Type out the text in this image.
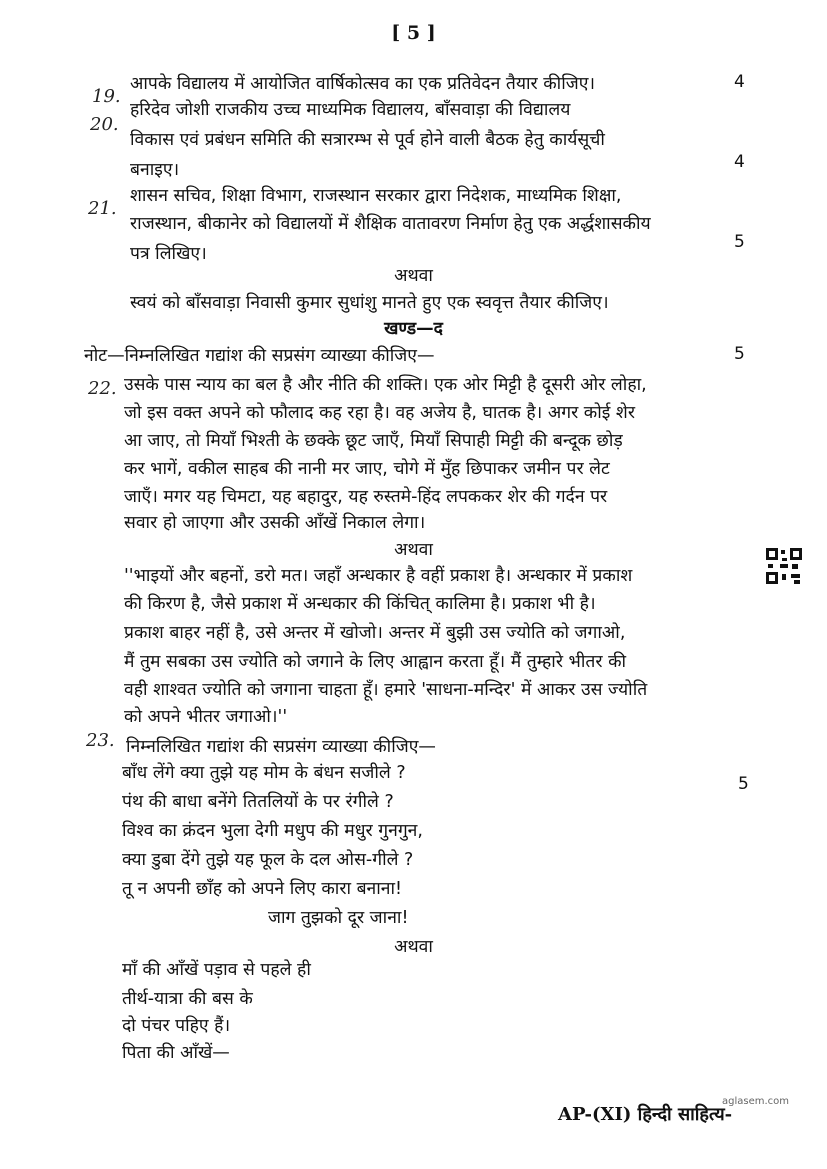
[ 5 ]
19.
आपके विद्यालय में आयोजित वार्षिकोत्सव का एक प्रतिवेदन तैयार कीजिए।	4
20.
हरिदेव जोशी राजकीय उच्च माध्यमिक विद्यालय, बाँसवाड़ा की विद्यालय
विकास एवं प्रबंधन समिति की सत्रारम्भ से पूर्व होने वाली बैठक हेतु कार्यसूची
बनाइए।	4
21.
शासन सचिव, शिक्षा विभाग, राजस्थान सरकार द्वारा निदेशक, माध्यमिक शिक्षा,
राजस्थान, बीकानेर को विद्यालयों में शैक्षिक वातावरण निर्माण हेतु एक अर्द्धशासकीय
पत्र लिखिए।
5
अथवा
स्वयं को बाँसवाड़ा निवासी कुमार सुधांशु मानते हुए एक स्ववृत्त तैयार कीजिए।
खण्ड—द
नोट—निम्नलिखित गद्यांश की सप्रसंग व्याख्या कीजिए—	5
22. उसके पास न्याय का बल है और नीति की शक्ति। एक ओर मिट्टी है दूसरी ओर लोहा,
जो इस वक्त अपने को फौलाद कह रहा है। वह अजेय है, घातक है। अगर कोई शेर
आ जाए, तो मियाँ भिश्ती के छक्के छूट जाएँ, मियाँ सिपाही मिट्टी की बन्दूक छोड़
कर भागें, वकील साहब की नानी मर जाए, चोगे में मुँह छिपाकर जमीन पर लेट
जाएँ। मगर यह चिमटा, यह बहादुर, यह रुस्तमे-हिंद लपककर शेर की गर्दन पर
सवार हो जाएगा और उसकी आँखें निकाल लेगा।
अथवा
''भाइयों और बहनों, डरो मत। जहाँ अन्धकार है वहीं प्रकाश है। अन्धकार में प्रकाश
की किरण है, जैसे प्रकाश में अन्धकार की किंचित् कालिमा है। प्रकाश भी है।
प्रकाश बाहर नहीं है, उसे अन्तर में खोजो। अन्तर में बुझी उस ज्योति को जगाओ,
मैं तुम सबका उस ज्योति को जगाने के लिए आह्वान करता हूँ। मैं तुम्हारे भीतर की
वही शाश्वत ज्योति को जगाना चाहता हूँ। हमारे 'साधना-मन्दिर' में आकर उस ज्योति
को अपने भीतर जगाओ।''
23. निम्नलिखित गद्यांश की सप्रसंग व्याख्या कीजिए—
5
बाँध लेंगे क्या तुझे यह मोम के बंधन सजीले ?
पंथ की बाधा बनेंगे तितलियों के पर रंगीले ?
विश्व का क्रंदन भुला देगी मधुप की मधुर गुनगुन,
क्या डुबा देंगे तुझे यह फूल के दल ओस-गीले ?
तू न अपनी छाँह को अपने लिए कारा बनाना!
जाग तुझको दूर जाना!
अथवा
माँ की आँखें पड़ाव से पहले ही
तीर्थ-यात्रा की बस के
दो पंचर पहिए हैं।
पिता की आँखें—
aglasem.com
AP-(XI) हिन्दी साहित्य-
